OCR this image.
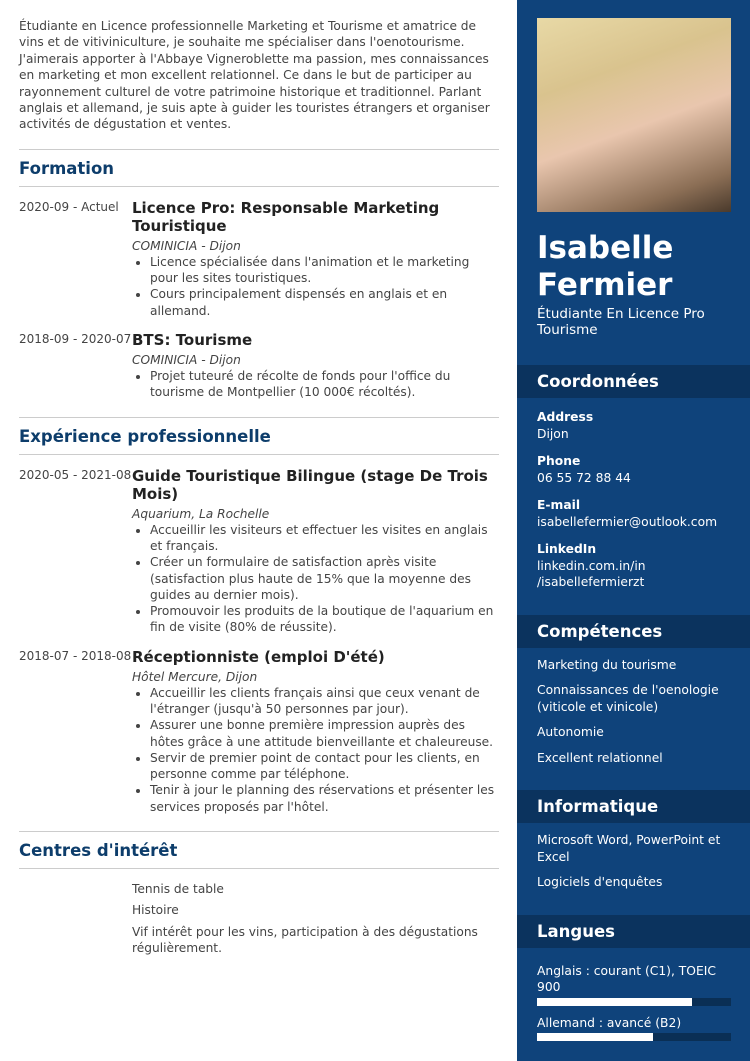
Étudiante en Licence professionnelle Marketing et Tourisme et amatrice de vins et de vitiviniculture, je souhaite me spécialiser dans l'oenotourisme. J'aimerais apporter à l'Abbaye Vigneroblette ma passion, mes connaissances en marketing et mon excellent relationnel. Ce dans le but de participer au rayonnement culturel de votre patrimoine historique et traditionnel. Parlant anglais et allemand, je suis apte à guider les touristes étrangers et organiser activités de dégustation et ventes.

Formation
2020-09 - Actuel Licence Pro: Responsable Marketing Touristique
COMINICIA - Dijon
• Licence spécialisée dans l'animation et le marketing pour les sites touristiques.
• Cours principalement dispensés en anglais et en allemand.
2018-09 - 2020-07 BTS: Tourisme
COMINICIA - Dijon
• Projet tuteuré de récolte de fonds pour l'office du tourisme de Montpellier (10 000€ récoltés).
Expérience professionnelle
2020-05 - 2021-08 Guide Touristique Bilingue (stage De Trois Mois)
Aquarium, La Rochelle
• Accueillir les visiteurs et effectuer les visites en anglais et français.
• Créer un formulaire de satisfaction après visite (satisfaction plus haute de 15% que la moyenne des guides au dernier mois).
• Promouvoir les produits de la boutique de l'aquarium en fin de visite (80% de réussite).
2018-07 - 2018-08 Réceptionniste (emploi D'été)
Hôtel Mercure, Dijon
• Accueillir les clients français ainsi que ceux venant de l'étranger (jusqu'à 50 personnes par jour).
• Assurer une bonne première impression auprès des hôtes grâce à une attitude bienveillante et chaleureuse.
• Servir de premier point de contact pour les clients, en personne comme par téléphone.
• Tenir à jour le planning des réservations et présenter les services proposés par l'hôtel.
Centres d'intérêt
Tennis de table
Histoire
Vif intérêt pour les vins, participation à des dégustations régulièrement.
Isabelle
Fermier
Étudiante En Licence Pro Tourisme
Coordonnées
Address
Dijon
Phone
06 55 72 88 44
E-mail
isabellefermier@outlook.com
LinkedIn
linkedin.com.in/in /isabellefermierzt
Compétences
Marketing du tourisme
Connaissances de l'oenologie (viticole et vinicole)
Autonomie
Excellent relationnel
Informatique
Microsoft Word, PowerPoint et Excel
Logiciels d'enquêtes
Langues
Anglais : courant (C1), TOEIC 900
Allemand : avancé (B2)
